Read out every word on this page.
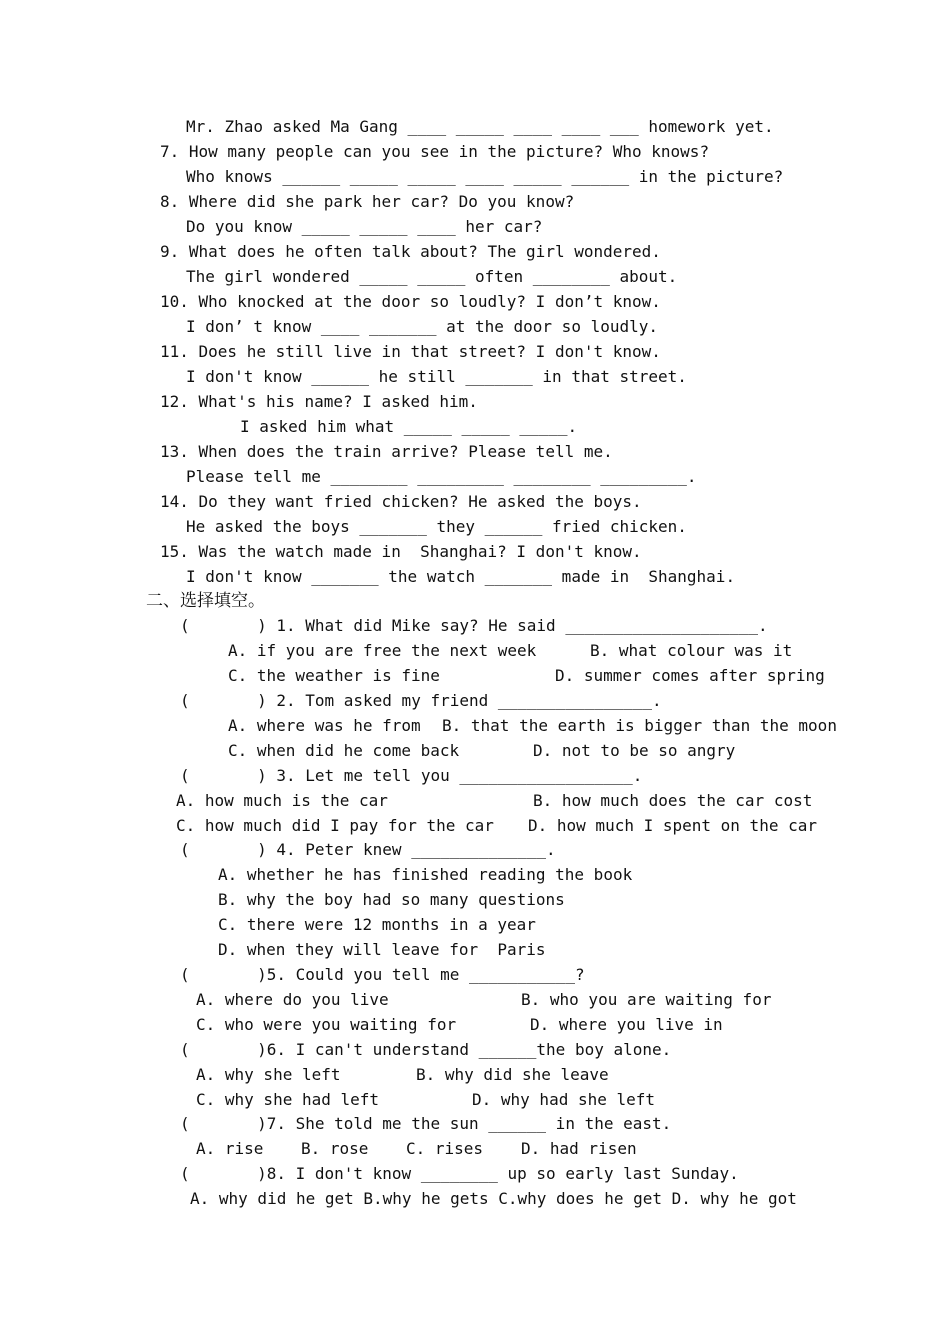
Mr. Zhao asked Ma Gang ____ _____ ____ ____ ___ homework yet.
7. How many people can you see in the picture? Who knows?
Who knows ______ _____ _____ ____ _____ ______ in the picture?
8. Where did she park her car? Do you know?
Do you know _____ _____ ____ her car?
9. What does he often talk about? The girl wondered.
The girl wondered _____ _____ often ________ about.
10. Who knocked at the door so loudly? I don’t know.
I don’ t know ____ _______ at the door so loudly.
11. Does he still live in that street? I don't know.
I don't know ______ he still _______ in that street.
12. What's his name? I asked him.
I asked him what _____ _____ _____.
13. When does the train arrive? Please tell me.
Please tell me ________ _________ ________ _________.
14. Do they want fried chicken? He asked the boys.
He asked the boys _______ they ______ fried chicken.
15. Was the watch made in  Shanghai? I don't know.
I don't know _______ the watch _______ made in  Shanghai.
二、选择填空。
(       ) 1. What did Mike say? He said ____________________.
A. if you are free the next week	B. what colour was it
C. the weather is fine	D. summer comes after spring
(       ) 2. Tom asked my friend ________________.
A. where was he from B. that the earth is bigger than the moon
C. when did he come back	D. not to be so angry
(       ) 3. Let me tell you __________________.
A. how much is the car	B. how much does the car cost
C. how much did I pay for the car D. how much I spent on the car
(       ) 4. Peter knew ______________.
A. whether he has finished reading the book
B. why the boy had so many questions
C. there were 12 months in a year
D. when they will leave for  Paris
(       )5. Could you tell me ___________?
A. where do you live	B. who you are waiting for
C. who were you waiting for	D. where you live in
(       )6. I can't understand ______the boy alone.
A. why she left	B. why did she leave
C. why she had left	D. why had she left
(       )7. She told me the sun ______ in the east.
A. rise B. rose C. rises D. had risen
(       )8. I don't know ________ up so early last Sunday.
A. why did he get B.why he gets C.why does he get D. why he got
